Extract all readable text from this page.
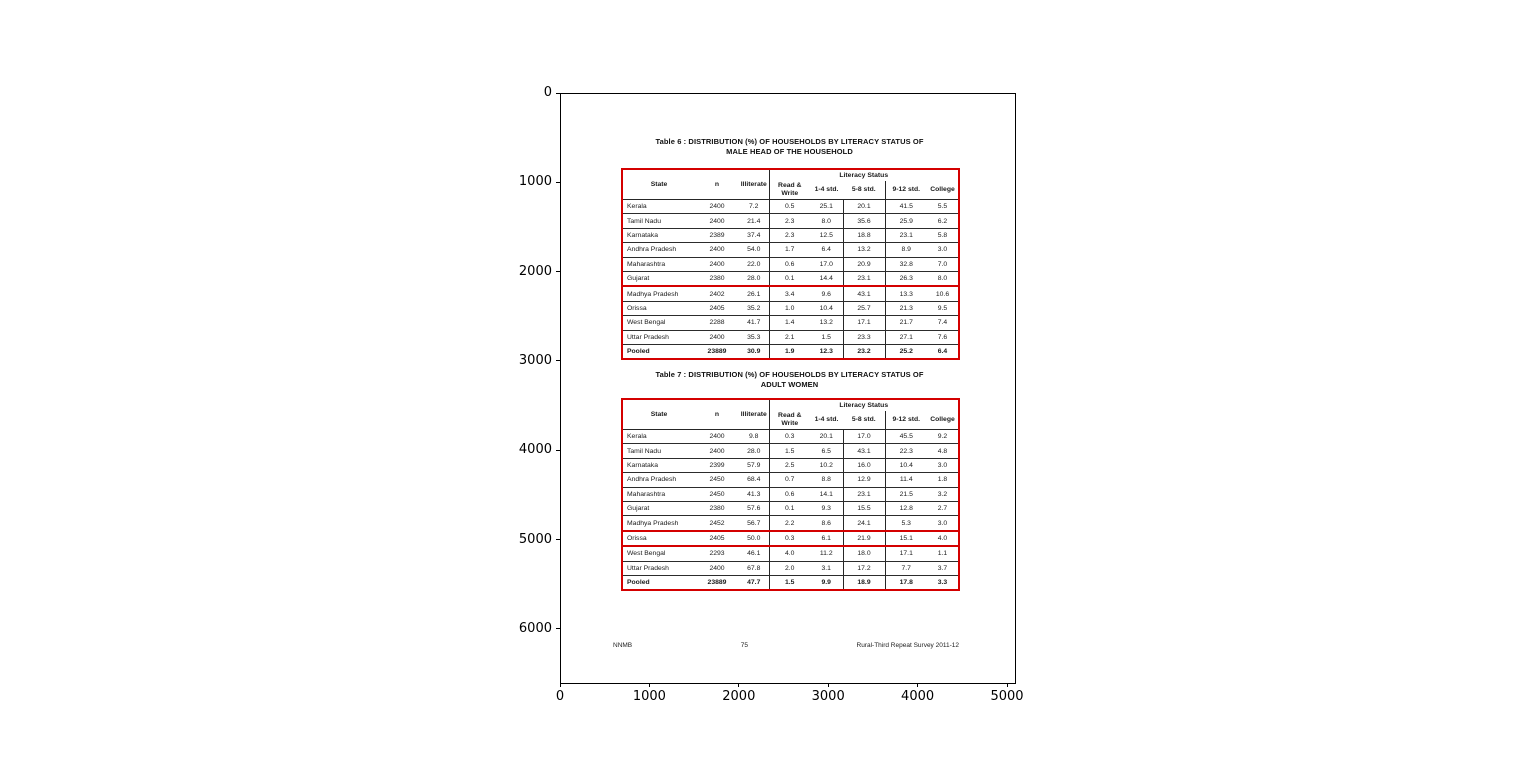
0
1000
2000
3000
4000
5000
6000
0	1000	2000	3000	4000	5000
Table 6 : DISTRIBUTION (%) OF HOUSEHOLDS BY LITERACY STATUS OF
MALE HEAD OF THE HOUSEHOLD
State	n	Illiterate	Literacy Status				
			Read & Write	1-4 std.	5-8 std.	9-12 std.	College
Kerala	2400	7.2	0.5	25.1	20.1	41.5	5.5
Tamil Nadu	2400	21.4	2.3	8.0	35.6	25.9	6.2
Karnataka	2389	37.4	2.3	12.5	18.8	23.1	5.8
Andhra Pradesh	2400	54.0	1.7	6.4	13.2	8.9	3.0
Maharashtra	2400	22.0	0.6	17.0	20.9	32.8	7.0
Gujarat	2380	28.0	0.1	14.4	23.1	26.3	8.0
Madhya Pradesh	2402	26.1	3.4	9.6	43.1	13.3	10.6
Orissa	2405	35.2	1.0	10.4	25.7	21.3	9.5
West Bengal	2288	41.7	1.4	13.2	17.1	21.7	7.4
Uttar Pradesh	2400	35.3	2.1	1.5	23.3	27.1	7.6
Pooled	23889	30.9	1.9	12.3	23.2	25.2	6.4
Table 7 : DISTRIBUTION (%) OF HOUSEHOLDS BY LITERACY STATUS OF
ADULT WOMEN
State	n	Illiterate	Literacy Status				
			Read & Write	1-4 std.	5-8 std.	9-12 std.	College
Kerala	2400	9.8	0.3	20.1	17.0	45.5	9.2
Tamil Nadu	2400	28.0	1.5	6.5	43.1	22.3	4.8
Karnataka	2399	57.9	2.5	10.2	16.0	10.4	3.0
Andhra Pradesh	2450	68.4	0.7	8.8	12.9	11.4	1.8
Maharashtra	2450	41.3	0.6	14.1	23.1	21.5	3.2
Gujarat	2380	57.6	0.1	9.3	15.5	12.8	2.7
Madhya Pradesh	2452	56.7	2.2	8.6	24.1	5.3	3.0
Orissa	2405	50.0	0.3	6.1	21.9	15.1	4.0
West Bengal	2293	46.1	4.0	11.2	18.0	17.1	1.1
Uttar Pradesh	2400	67.8	2.0	3.1	17.2	7.7	3.7
Pooled	23889	47.7	1.5	9.9	18.9	17.8	3.3
NNMB	75	Rural-Third Repeat Survey 2011-12
